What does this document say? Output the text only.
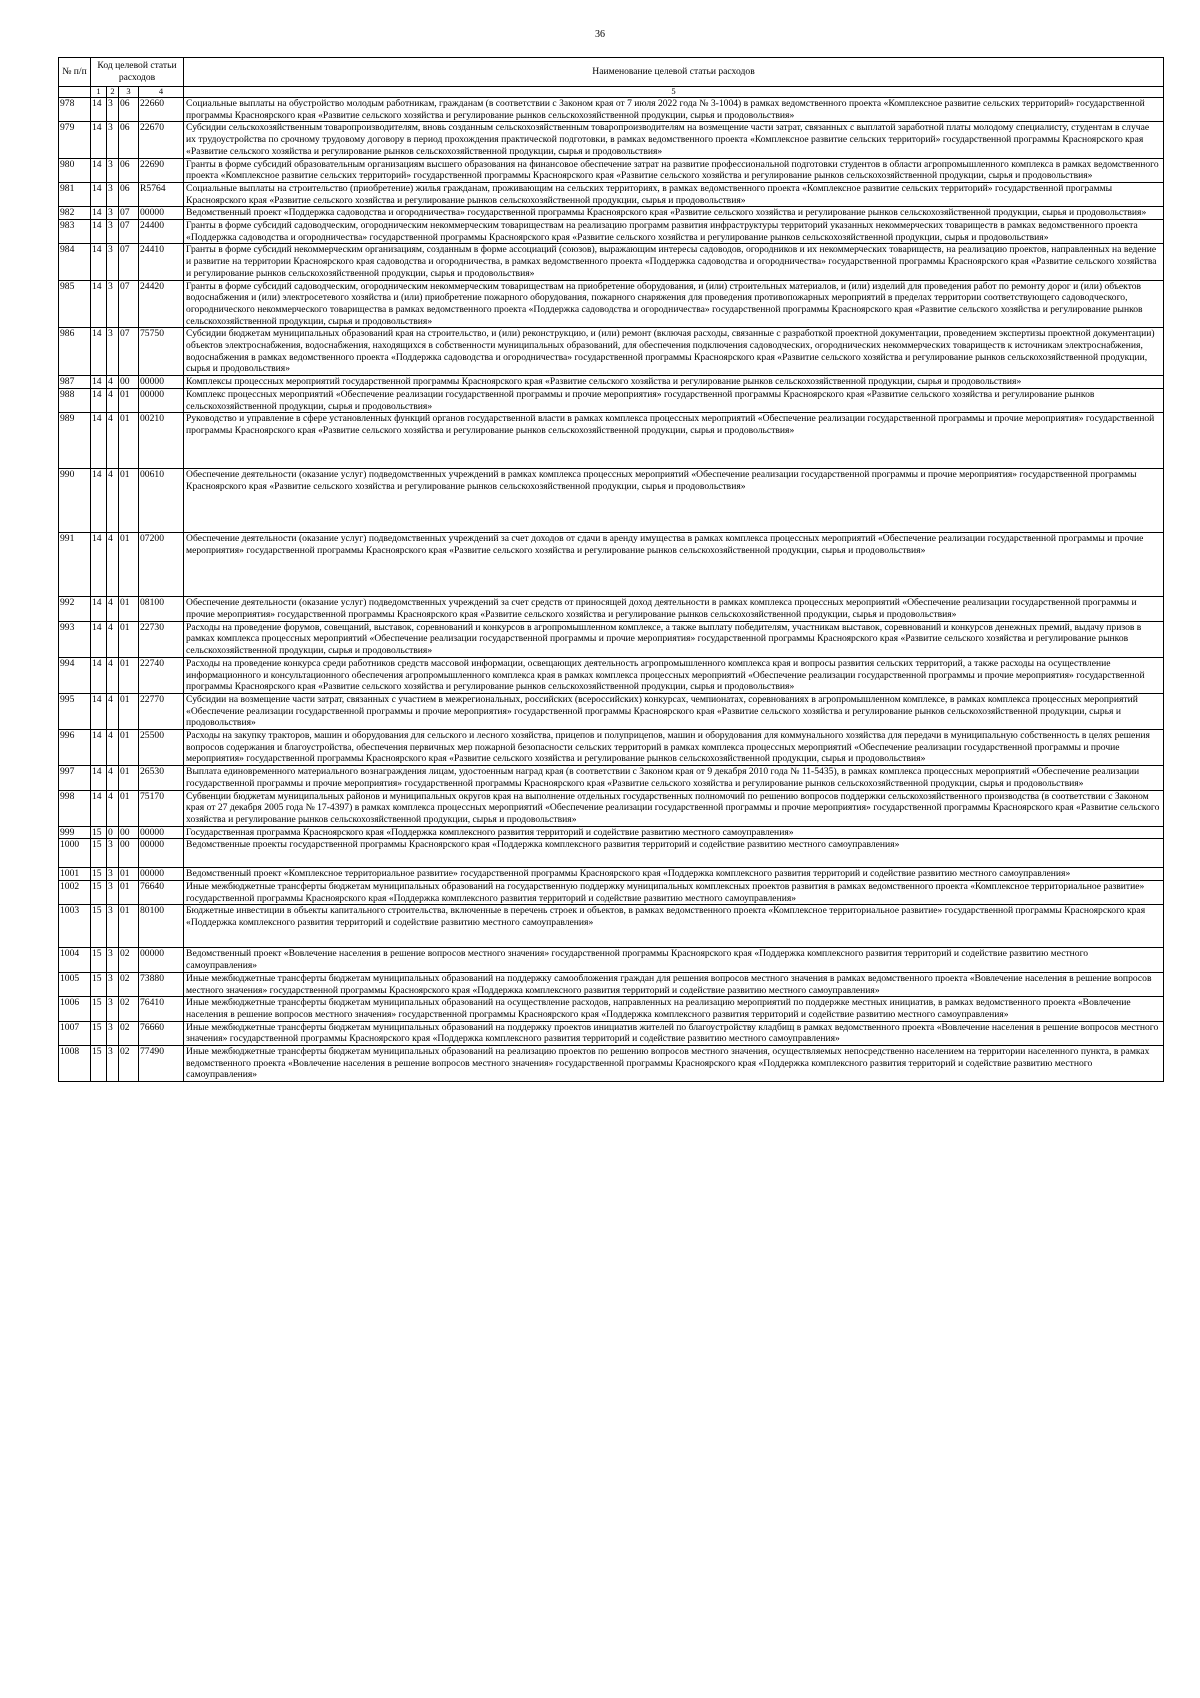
36
№ п/п	Код целевой статьи расходов				Наименование целевой статьи расходов

	1	2	3	4	5
978	14	3	06	22660	Социальные выплаты на обустройство молодым работникам, гражданам (в соответствии с Законом края от 7 июля 2022 года № 3-1004) в рамках ведомственного проекта «Комплексное развитие сельских территорий» государственной программы Красноярского края «Развитие сельского хозяйства и регулирование рынков сельскохозяйственной продукции, сырья и продовольствия»
979	14	3	06	22670	Субсидии сельскохозяйственным товаропроизводителям, вновь созданным сельскохозяйственным товаропроизводителям на возмещение части затрат, связанных с выплатой заработной платы молодому специалисту, студентам в случае их трудоустройства по срочному трудовому договору в период прохождения практической подготовки, в рамках ведомственного проекта «Комплексное развитие сельских территорий» государственной программы Красноярского края «Развитие сельского хозяйства и регулирование рынков сельскохозяйственной продукции, сырья и продовольствия»
980	14	3	06	22690	Гранты в форме субсидий образовательным организациям высшего образования на финансовое обеспечение затрат на развитие профессиональной подготовки студентов в области агропромышленного комплекса в рамках ведомственного проекта «Комплексное развитие сельских территорий» государственной программы Красноярского края «Развитие сельского хозяйства и регулирование рынков сельскохозяйственной продукции, сырья и продовольствия»
981	14	3	06	R5764	Социальные выплаты на строительство (приобретение) жилья гражданам, проживающим на сельских территориях, в рамках ведомственного проекта «Комплексное развитие сельских территорий» государственной программы Красноярского края «Развитие сельского хозяйства и регулирование рынков сельскохозяйственной продукции, сырья и продовольствия»
982	14	3	07	00000	Ведомственный проект «Поддержка садоводства и огородничества» государственной программы Красноярского края «Развитие сельского хозяйства и регулирование рынков сельскохозяйственной продукции, сырья и продовольствия»
983	14	3	07	24400	Гранты в форме субсидий садоводческим, огородническим некоммерческим товариществам на реализацию программ развития инфраструктуры территорий указанных некоммерческих товариществ в рамках ведомственного проекта «Поддержка садоводства и огородничества» государственной программы Красноярского края «Развитие сельского хозяйства и регулирование рынков сельскохозяйственной продукции, сырья и продовольствия»
984	14	3	07	24410	Гранты в форме субсидий некоммерческим организациям, созданным в форме ассоциаций (союзов), выражающим интересы садоводов, огородников и их некоммерческих товариществ, на реализацию проектов, направленных на ведение и развитие на территории Красноярского края садоводства и огородничества, в рамках ведомственного проекта «Поддержка садоводства и огородничества» государственной программы Красноярского края «Развитие сельского хозяйства и регулирование рынков сельскохозяйственной продукции, сырья и продовольствия»
985	14	3	07	24420	Гранты в форме субсидий садоводческим, огородническим некоммерческим товариществам на приобретение оборудования, и (или) строительных материалов, и (или) изделий для проведения работ по ремонту дорог и (или) объектов водоснабжения и (или) электросетевого хозяйства и (или) приобретение пожарного оборудования, пожарного снаряжения для проведения противопожарных мероприятий в пределах территории соответствующего садоводческого, огороднического некоммерческого товарищества в рамках ведомственного проекта «Поддержка садоводства и огородничества» государственной программы Красноярского края «Развитие сельского хозяйства и регулирование рынков сельскохозяйственной продукции, сырья и продовольствия»
986	14	3	07	75750	Субсидии бюджетам муниципальных образований края на строительство, и (или) реконструкцию, и (или) ремонт (включая расходы, связанные с разработкой проектной документации, проведением экспертизы проектной документации) объектов электроснабжения, водоснабжения, находящихся в собственности муниципальных образований, для обеспечения подключения садоводческих, огороднических некоммерческих товариществ к источникам электроснабжения, водоснабжения в рамках ведомственного проекта «Поддержка садоводства и огородничества» государственной программы Красноярского края «Развитие сельского хозяйства и регулирование рынков сельскохозяйственной продукции, сырья и продовольствия»
987	14	4	00	00000	Комплексы процессных мероприятий государственной программы Красноярского края «Развитие сельского хозяйства и регулирование рынков сельскохозяйственной продукции, сырья и продовольствия»
988	14	4	01	00000	Комплекс процессных мероприятий «Обеспечение реализации государственной программы и прочие мероприятия» государственной программы Красноярского края «Развитие сельского хозяйства и регулирование рынков сельскохозяйственной продукции, сырья и продовольствия»
989	14	4	01	00210	Руководство и управление в сфере установленных функций органов государственной власти в рамках комплекса процессных мероприятий «Обеспечение реализации государственной программы и прочие мероприятия» государственной программы Красноярского края «Развитие сельского хозяйства и регулирование рынков сельскохозяйственной продукции, сырья и продовольствия»
990	14	4	01	00610	Обеспечение деятельности (оказание услуг) подведомственных учреждений в рамках комплекса процессных мероприятий «Обеспечение реализации государственной программы и прочие мероприятия» государственной программы Красноярского края «Развитие сельского хозяйства и регулирование рынков сельскохозяйственной продукции, сырья и продовольствия»
991	14	4	01	07200	Обеспечение деятельности (оказание услуг) подведомственных учреждений за счет доходов от сдачи в аренду имущества в рамках комплекса процессных мероприятий «Обеспечение реализации государственной программы и прочие мероприятия» государственной программы Красноярского края «Развитие сельского хозяйства и регулирование рынков сельскохозяйственной продукции, сырья и продовольствия»
992	14	4	01	08100	Обеспечение деятельности (оказание услуг) подведомственных учреждений за счет средств от приносящей доход деятельности в рамках комплекса процессных мероприятий «Обеспечение реализации государственной программы и прочие мероприятия» государственной программы Красноярского края «Развитие сельского хозяйства и регулирование рынков сельскохозяйственной продукции, сырья и продовольствия»
993	14	4	01	22730	Расходы на проведение форумов, совещаний, выставок, соревнований и конкурсов в агропромышленном комплексе, а также выплату победителям, участникам выставок, соревнований и конкурсов денежных премий, выдачу призов в рамках комплекса процессных мероприятий «Обеспечение реализации государственной программы и прочие мероприятия» государственной программы Красноярского края «Развитие сельского хозяйства и регулирование рынков сельскохозяйственной продукции, сырья и продовольствия»
994	14	4	01	22740	Расходы на проведение конкурса среди работников средств массовой информации, освещающих деятельность агропромышленного комплекса края и вопросы развития сельских территорий, а также расходы на осуществление информационного и консультационного обеспечения агропромышленного комплекса края в рамках комплекса процессных мероприятий «Обеспечение реализации государственной программы и прочие мероприятия» государственной программы Красноярского края «Развитие сельского хозяйства и регулирование рынков сельскохозяйственной продукции, сырья и продовольствия»
995	14	4	01	22770	Субсидии на возмещение части затрат, связанных с участием в межрегиональных, российских (всероссийских) конкурсах, чемпионатах, соревнованиях в агропромышленном комплексе, в рамках комплекса процессных мероприятий «Обеспечение реализации государственной программы и прочие мероприятия» государственной программы Красноярского края «Развитие сельского хозяйства и регулирование рынков сельскохозяйственной продукции, сырья и продовольствия»
996	14	4	01	25500	Расходы на закупку тракторов, машин и оборудования для сельского и лесного хозяйства, прицепов и полуприцепов, машин и оборудования для коммунального хозяйства для передачи в муниципальную собственность в целях решения вопросов содержания и благоустройства, обеспечения первичных мер пожарной безопасности сельских территорий в рамках комплекса процессных мероприятий «Обеспечение реализации государственной программы и прочие мероприятия» государственной программы Красноярского края «Развитие сельского хозяйства и регулирование рынков сельскохозяйственной продукции, сырья и продовольствия»
997	14	4	01	26530	Выплата единовременного материального вознаграждения лицам, удостоенным наград края (в соответствии с Законом края от 9 декабря 2010 года № 11-5435), в рамках комплекса процессных мероприятий «Обеспечение реализации государственной программы и прочие мероприятия» государственной программы Красноярского края «Развитие сельского хозяйства и регулирование рынков сельскохозяйственной продукции, сырья и продовольствия»
998	14	4	01	75170	Субвенции бюджетам муниципальных районов и муниципальных округов края на выполнение отдельных государственных полномочий по решению вопросов поддержки сельскохозяйственного производства (в соответствии с Законом края от 27 декабря 2005 года № 17-4397) в рамках комплекса процессных мероприятий «Обеспечение реализации государственной программы и прочие мероприятия» государственной программы Красноярского края «Развитие сельского хозяйства и регулирование рынков сельскохозяйственной продукции, сырья и продовольствия»
999	15	0	00	00000	Государственная программа Красноярского края «Поддержка комплексного развития территорий и содействие развитию местного самоуправления»
1000	15	3	00	00000	Ведомственные проекты государственной программы Красноярского края «Поддержка комплексного развития территорий и содействие развитию местного самоуправления»
1001	15	3	01	00000	Ведомственный проект «Комплексное территориальное развитие» государственной программы Красноярского края «Поддержка комплексного развития территорий и содействие развитию местного самоуправления»
1002	15	3	01	76640	Иные межбюджетные трансферты бюджетам муниципальных образований на государственную поддержку муниципальных комплексных проектов развития в рамках ведомственного проекта «Комплексное территориальное развитие» государственной программы Красноярского края «Поддержка комплексного развития территорий и содействие развитию местного самоуправления»
1003	15	3	01	80100	Бюджетные инвестиции в объекты капитального строительства, включенные в перечень строек и объектов, в рамках ведомственного проекта «Комплексное территориальное развитие» государственной программы Красноярского края «Поддержка комплексного развития территорий и содействие развитию местного самоуправления»
1004	15	3	02	00000	Ведомственный проект «Вовлечение населения в решение вопросов местного значения» государственной программы Красноярского края «Поддержка комплексного развития территорий и содействие развитию местного самоуправления»
1005	15	3	02	73880	Иные межбюджетные трансферты бюджетам муниципальных образований на поддержку самообложения граждан для решения вопросов местного значения в рамках ведомственного проекта «Вовлечение населения в решение вопросов местного значения» государственной программы Красноярского края «Поддержка комплексного развития территорий и содействие развитию местного самоуправления»
1006	15	3	02	76410	Иные межбюджетные трансферты бюджетам муниципальных образований на осуществление расходов, направленных на реализацию мероприятий по поддержке местных инициатив, в рамках ведомственного проекта «Вовлечение населения в решение вопросов местного значения» государственной программы Красноярского края «Поддержка комплексного развития территорий и содействие развитию местного самоуправления»
1007	15	3	02	76660	Иные межбюджетные трансферты бюджетам муниципальных образований на поддержку проектов инициатив жителей по благоустройству кладбищ в рамках ведомственного проекта «Вовлечение населения в решение вопросов местного значения» государственной программы Красноярского края «Поддержка комплексного развития территорий и содействие развитию местного самоуправления»
1008	15	3	02	77490	Иные межбюджетные трансферты бюджетам муниципальных образований на реализацию проектов по решению вопросов местного значения, осуществляемых непосредственно населением на территории населенного пункта, в рамках ведомственного проекта «Вовлечение населения в решение вопросов местного значения» государственной программы Красноярского края «Поддержка комплексного развития территорий и содействие развитию местного самоуправления»
